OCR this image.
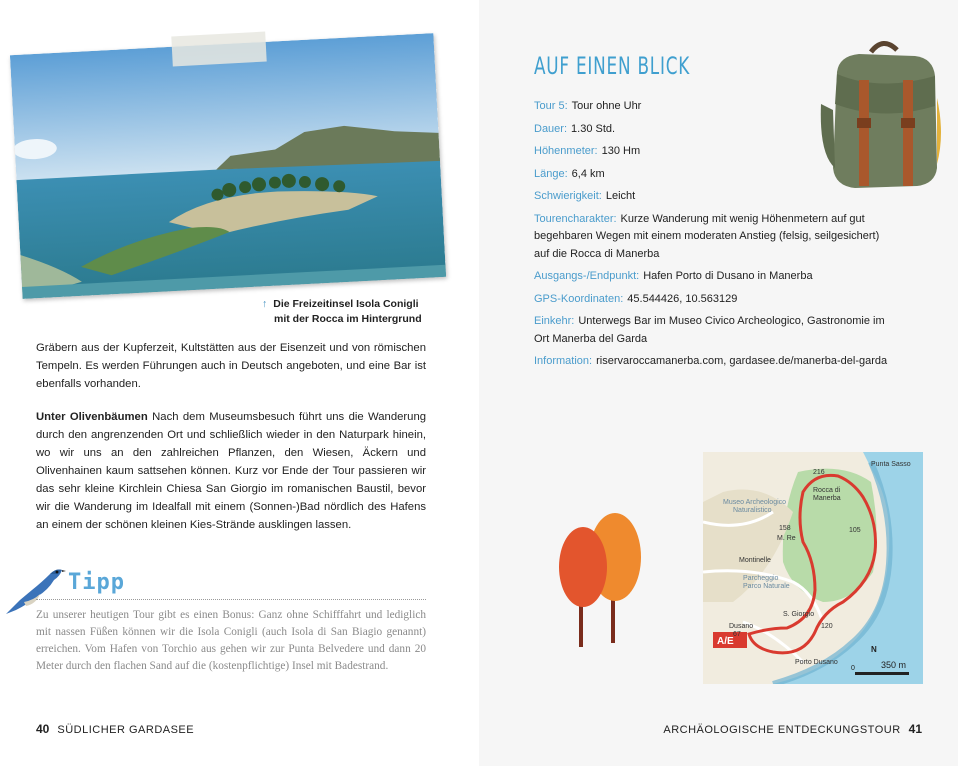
↑ Die Freizeitinsel Isola Conigli
mit der Rocca im Hintergrund

Gräbern aus der Kupferzeit, Kultstätten aus der Eisenzeit und von römischen Tempeln. Es werden Führungen auch in Deutsch angeboten, und eine Bar ist ebenfalls vorhanden.

Unter Olivenbäumen Nach dem Museumsbesuch führt uns die Wanderung durch den angrenzenden Ort und schließlich wieder in den Naturpark hinein, wo wir uns an den zahlreichen Pflanzen, den Wiesen, Äckern und Olivenhainen kaum sattsehen können. Kurz vor Ende der Tour passieren wir das sehr kleine Kirchlein Chiesa San Giorgio im romanischen Baustil, bevor wir die Wanderung im Idealfall mit einem (Sonnen-)Bad nördlich des Hafens an einem der schönen kleinen Kies-Strände ausklingen lassen.

Tipp

Zu unserer heutigen Tour gibt es einen Bonus: Ganz ohne Schifffahrt und lediglich mit nassen Füßen können wir die Isola Conigli (auch Isola di San Biagio genannt) erreichen. Vom Hafen von Torchio aus gehen wir zur Punta Belvedere und dann 20 Meter durch den flachen Sand auf die (kostenpflichtige) Insel mit Badestrand.

40 SÜDLICHER GARDASEE
AUF EINEN BLICK

Tour 5: Tour ohne Uhr

Dauer: 1.30 Std.

Höhenmeter: 130 Hm

Länge: 6,4 km

Schwierigkeit: Leicht

Tourencharakter: Kurze Wanderung mit wenig Höhenmetern auf gut begehbaren Wegen mit einem moderaten Anstieg (felsig, seilgesichert) auf die Rocca di Manerba

Ausgangs-/Endpunkt: Hafen Porto di Dusano in Manerba

GPS-Koordinaten: 45.544426, 10.563129

Einkehr: Unterwegs Bar im Museo Civico Archeologico, Gastronomie im Ort Manerba del Garda

Information: riservaroccamanerba.com, gardasee.de/manerba-del-garda

A/E
Punta Sasso
Rocca di
Manerba
Museo Archeologico
Naturalistico
216
158
M. Re
105
Montinelle
Parcheggio
Parco Naturale
S. Giorgio
Dusano
67
120
Porto Dusano
0	350 m
N
ARCHÄOLOGISCHE ENTDECKUNGSTOUR 41
